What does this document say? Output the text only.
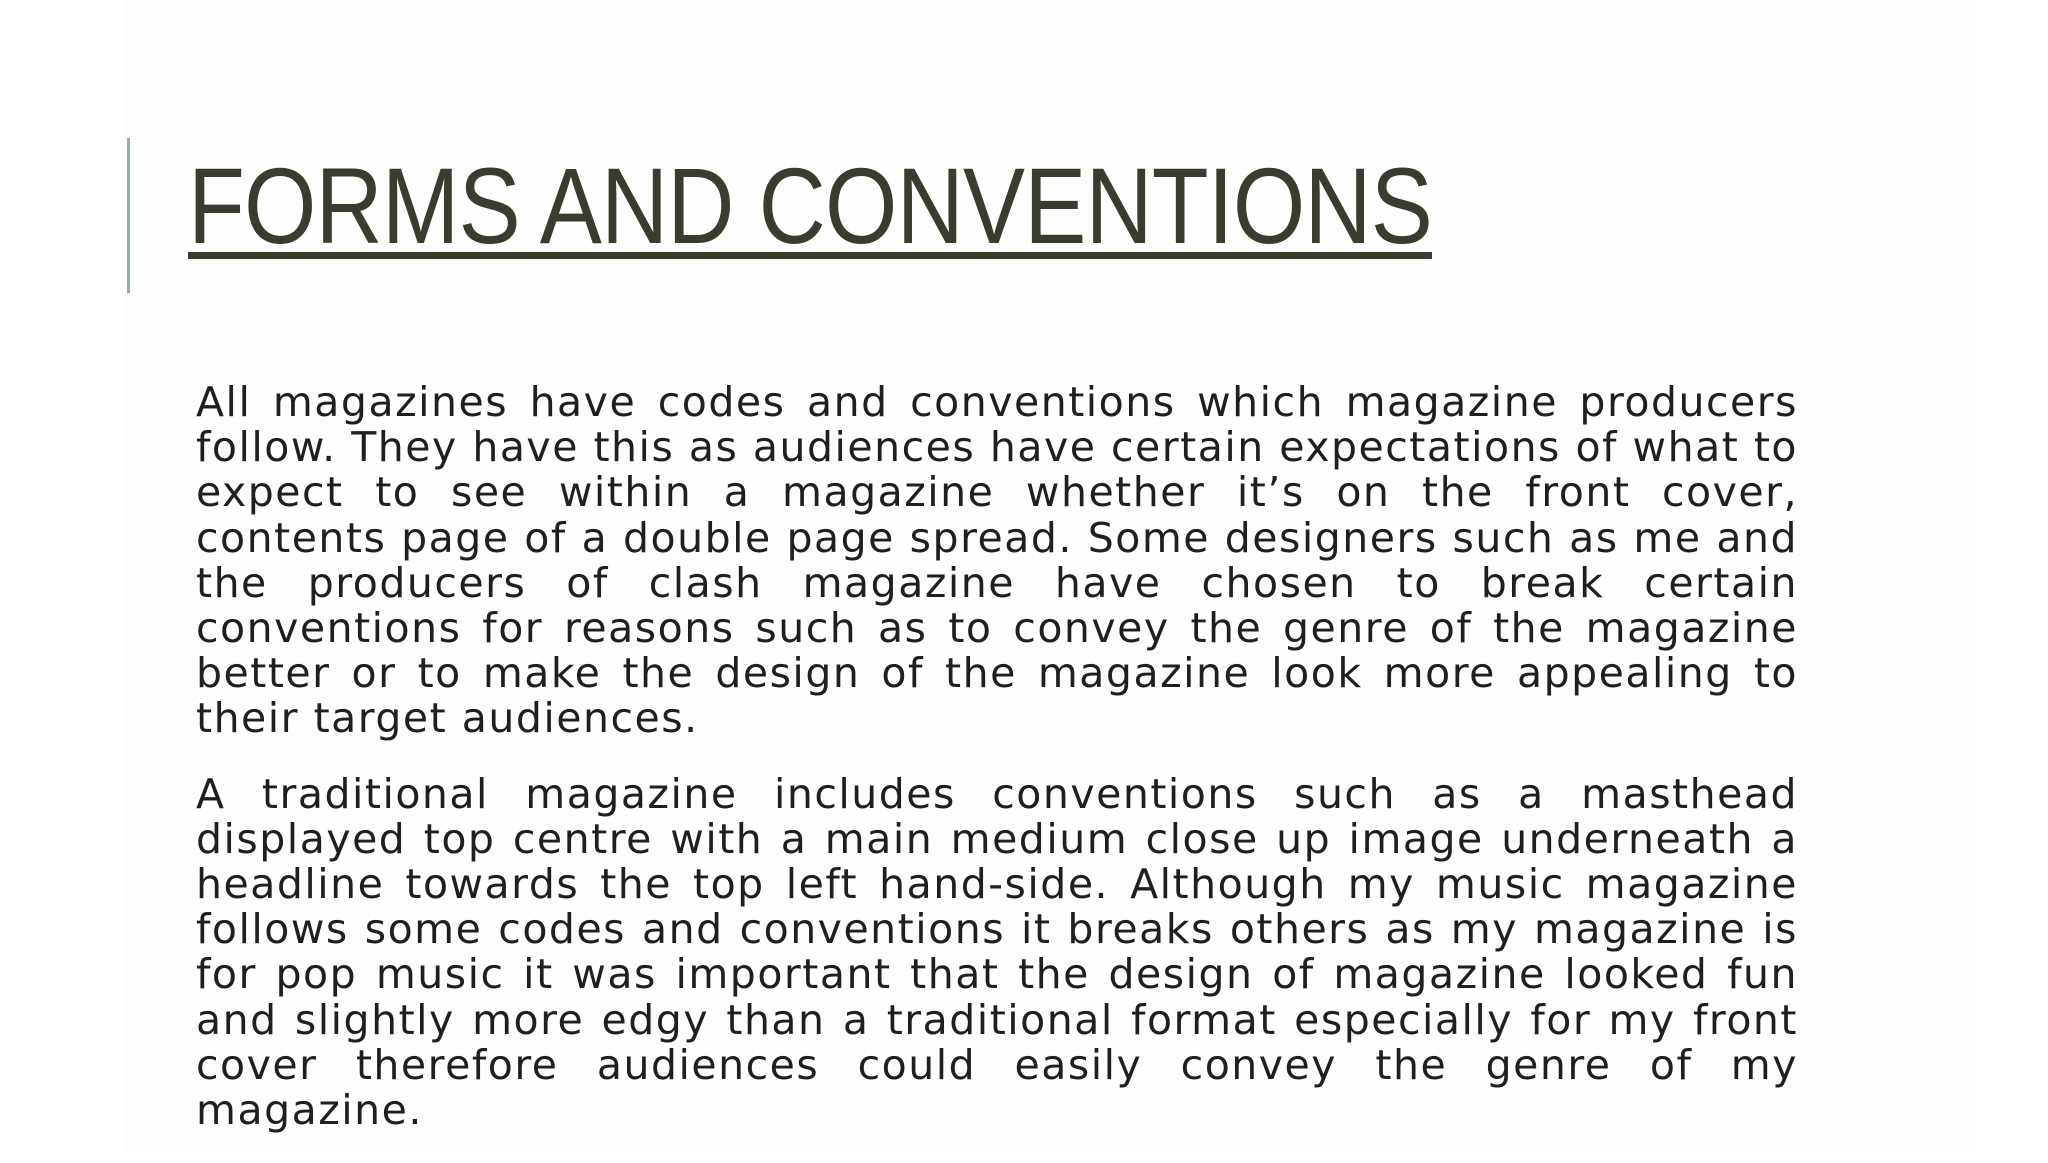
FORMS AND CONVENTIONS

All magazines have codes and conventions which magazine producers follow. They have this as audiences have certain expectations of what to expect to see within a magazine whether it’s on the front cover, contents page of a double page spread. Some designers such as me and the producers of clash magazine have chosen to break certain conventions for reasons such as to convey the genre of the magazine better or to make the design of the magazine look more appealing to their target audiences.

A traditional magazine includes conventions such as a masthead displayed top centre with a main medium close up image underneath a headline towards the top left hand-side. Although my music magazine follows some codes and conventions it breaks others as my magazine is for pop music it was important that the design of magazine looked fun and slightly more edgy than a traditional format especially for my front cover therefore audiences could easily convey the genre of my magazine.
